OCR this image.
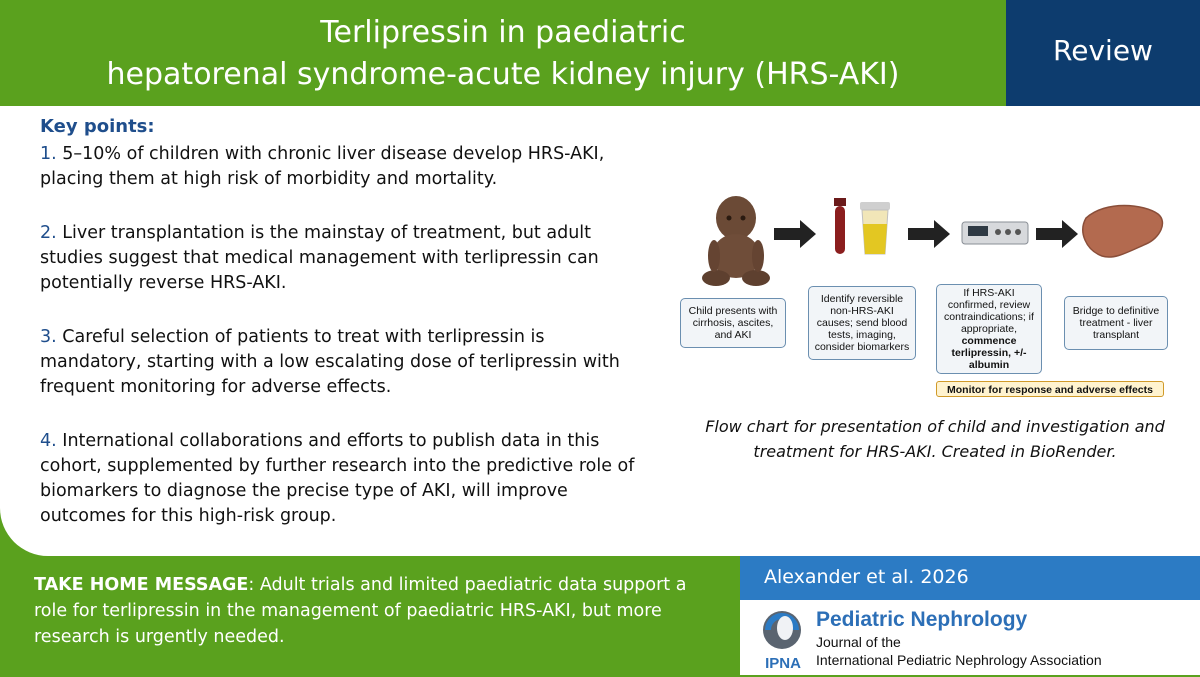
Terlipressin in paediatric
hepatorenal syndrome-acute kidney injury (HRS-AKI)
Review
Key points:
1. 5–10% of children with chronic liver disease develop HRS-AKI, placing them at high risk of morbidity and mortality.
2. Liver transplantation is the mainstay of treatment, but adult studies suggest that medical management with terlipressin can potentially reverse HRS-AKI.
3. Careful selection of patients to treat with terlipressin is mandatory, starting with a low escalating dose of terlipressin with frequent monitoring for adverse effects.
4. International collaborations and efforts to publish data in this cohort, supplemented by further research into the predictive role of biomarkers to diagnose the precise type of AKI, will improve outcomes for this high-risk group.
Child presents with cirrhosis, ascites, and AKI
Identify reversible non-HRS-AKI causes; send blood tests, imaging, consider biomarkers
If HRS-AKI confirmed, review contraindications; if appropriate,
commence terlipressin, +/- albumin
Bridge to definitive treatment - liver transplant
Monitor for response and adverse effects
Flow chart for presentation of child and investigation and treatment for HRS-AKI. Created in BioRender.
TAKE HOME MESSAGE: Adult trials and limited paediatric data support a role for terlipressin in the management of paediatric HRS-AKI, but more research is urgently needed.
Alexander et al. 2026
IPNA
Pediatric Nephrology
Journal of the
International Pediatric Nephrology Association
